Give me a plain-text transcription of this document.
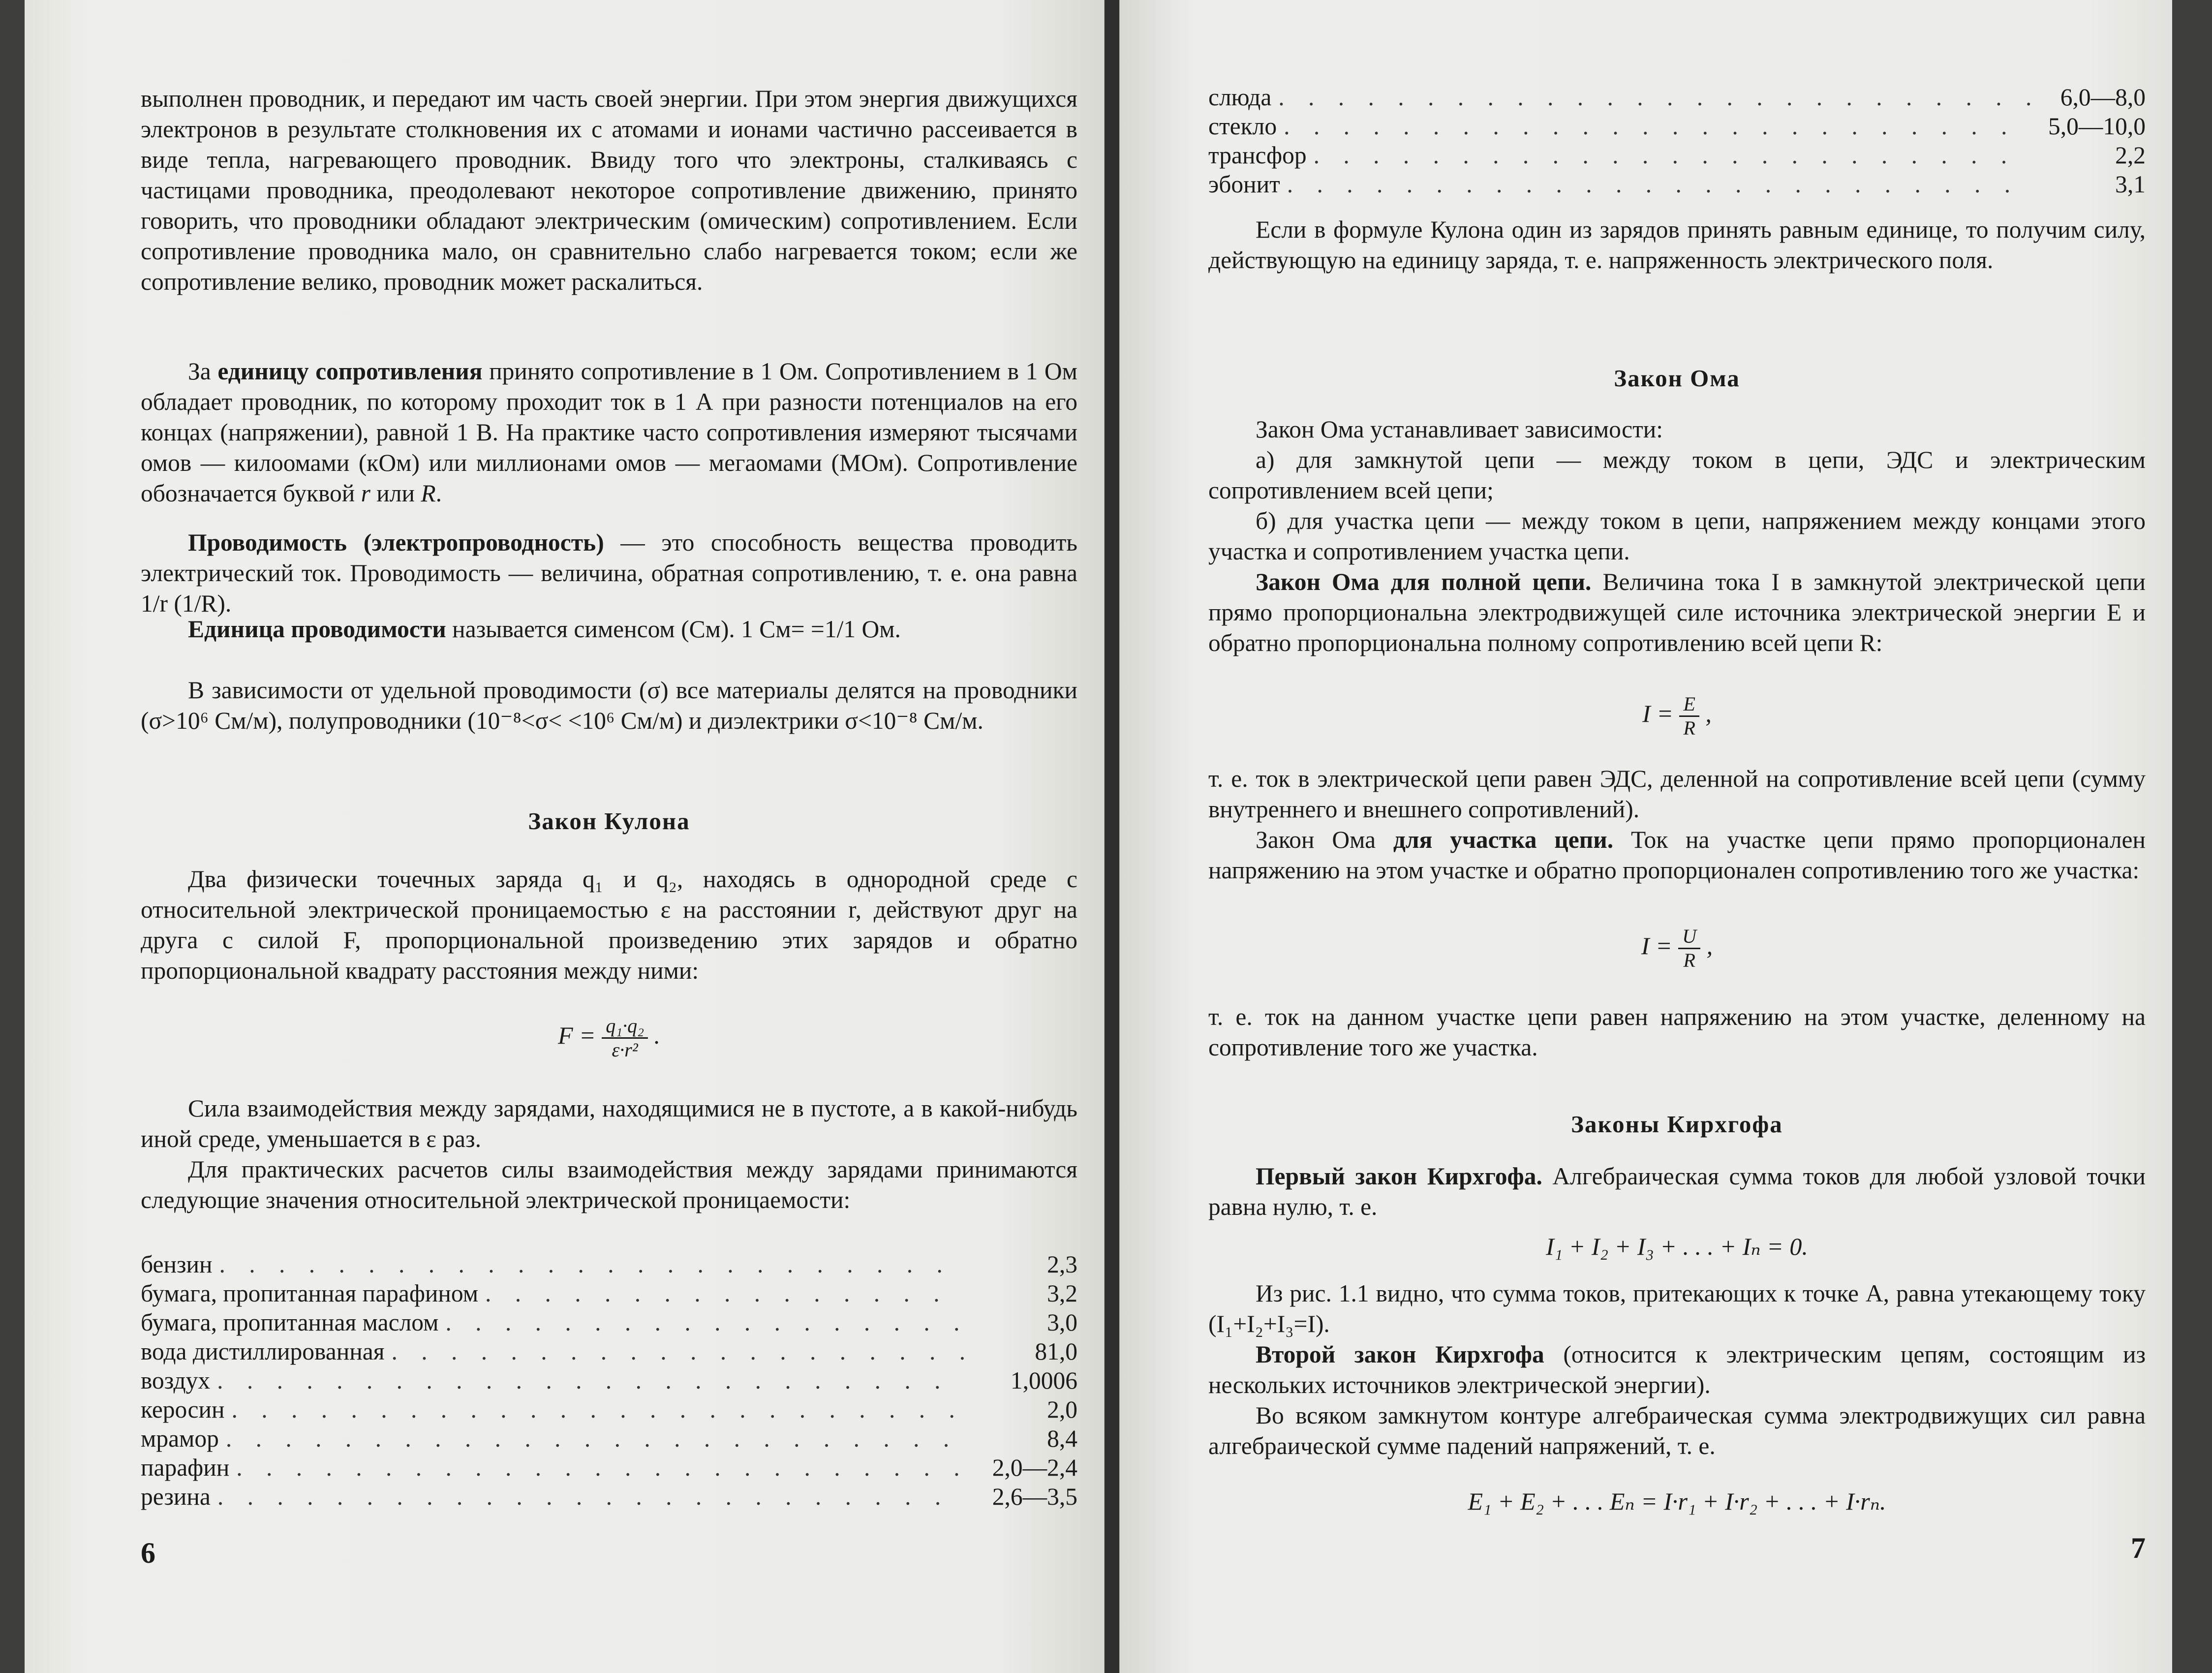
выполнен проводник, и передают им часть своей энергии. При этом энергия движущихся электронов в результате столкновения их с атомами и ионами частично рассеивается в виде тепла, нагревающего проводник. Ввиду того что электроны, сталкиваясь с частицами проводника, преодолевают некоторое сопротивление движению, принято говорить, что проводники обладают электрическим (омическим) сопротивлением. Если сопротивление проводника мало, он сравнительно слабо нагревается током; если же сопротивление велико, проводник может раскалиться.

За единицу сопротивления принято сопротивление в 1 Ом. Сопротивлением в 1 Ом обладает проводник, по которому проходит ток в 1 А при разности потенциалов на его концах (напряжении), равной 1 В. На практике часто сопротивления измеряют тысячами омов — килоомами (кОм) или миллионами омов — мегаомами (МОм). Сопротивление обозначается буквой r или R.

Проводимость (электропроводность) — это способность вещества проводить электрический ток. Проводимость — величина, обратная сопротивлению, т. е. она равна 1/r (1/R).

Единица проводимости называется сименсом (См). 1 См= =1/1 Ом.

В зависимости от удельной проводимости (σ) все материалы делятся на проводники (σ>10⁶ См/м), полупроводники (10⁻⁸<σ< <10⁶ См/м) и диэлектрики σ<10⁻⁸ См/м.

Закон Кулона

Два физически точечных заряда q₁ и q₂, находясь в однородной среде с относительной электрической проницаемостью ε на расстоянии r, действуют друг на друга с силой F, пропорциональной произведению этих зарядов и обратно пропорциональной квадрату расстояния между ними:

$F = \frac{\text{q₁·q₂}}{\text{ε·r²}}$ .

Сила взаимодействия между зарядами, находящимися не в пустоте, а в какой-нибудь иной среде, уменьшается в ε раз.

Для практических расчетов силы взаимодействия между зарядами принимаются следующие значения относительной электрической проницаемости:

бензин . . .	2,3
бумага, пропитанная парафином . . .	3,2
бумага, пропитанная маслом . . .	3,0
вода дистиллированная . . .	81,0
воздух . . .	1,0006
керосин . . .	2,0
мрамор . . .	8,4
парафин . . .	2,0—2,4
резина . . .	2,6—3,5
6
слюда . . .	6,0—8,0
стекло . . .	5,0—10,0
трансфор . . .	2,2
эбонит . . .	3,1

Если в формуле Кулона один из зарядов принять равным единице, то получим силу, действующую на единицу заряда, т. е. напряженность электрического поля.

Закон Ома

Закон Ома устанавливает зависимости:

а) для замкнутой цепи — между током в цепи, ЭДС и электрическим сопротивлением всей цепи;

б) для участка цепи — между током в цепи, напряжением между концами этого участка и сопротивлением участка цепи.

Закон Ома для полной цепи. Величина тока I в замкнутой электрической цепи прямо пропорциональна электродвижущей силе источника электрической энергии E и обратно пропорциональна полному сопротивлению всей цепи R:

$I = \frac{E}{R}$ ,

т. е. ток в электрической цепи равен ЭДС, деленной на сопротивление всей цепи (сумму внутреннего и внешнего сопротивлений).

Закон Ома для участка цепи. Ток на участке цепи прямо пропорционален напряжению на этом участке и обратно пропорционален сопротивлению того же участка:

$I = \frac{U}{R}$ ,

т. е. ток на данном участке цепи равен напряжению на этом участке, деленному на сопротивление того же участка.

Законы Кирхгофа

Первый закон Кирхгофа. Алгебраическая сумма токов для любой узловой точки равна нулю, т. е.

I₁ + I₂ + I₃ + . . . + Iₙ = 0.

Из рис. 1.1 видно, что сумма токов, притекающих к точке A, равна утекающему току (I₁+I₂+I₃=I).

Второй закон Кирхгофа (относится к электрическим цепям, состоящим из нескольких источников электрической энергии).

Во всяком замкнутом контуре алгебраическая сумма электродвижущих сил равна алгебраической сумме падений напряжений, т. е.

E₁ + E₂ + . . . Eₙ = I·r₁ + I·r₂ + . . . + I·rₙ.
7
